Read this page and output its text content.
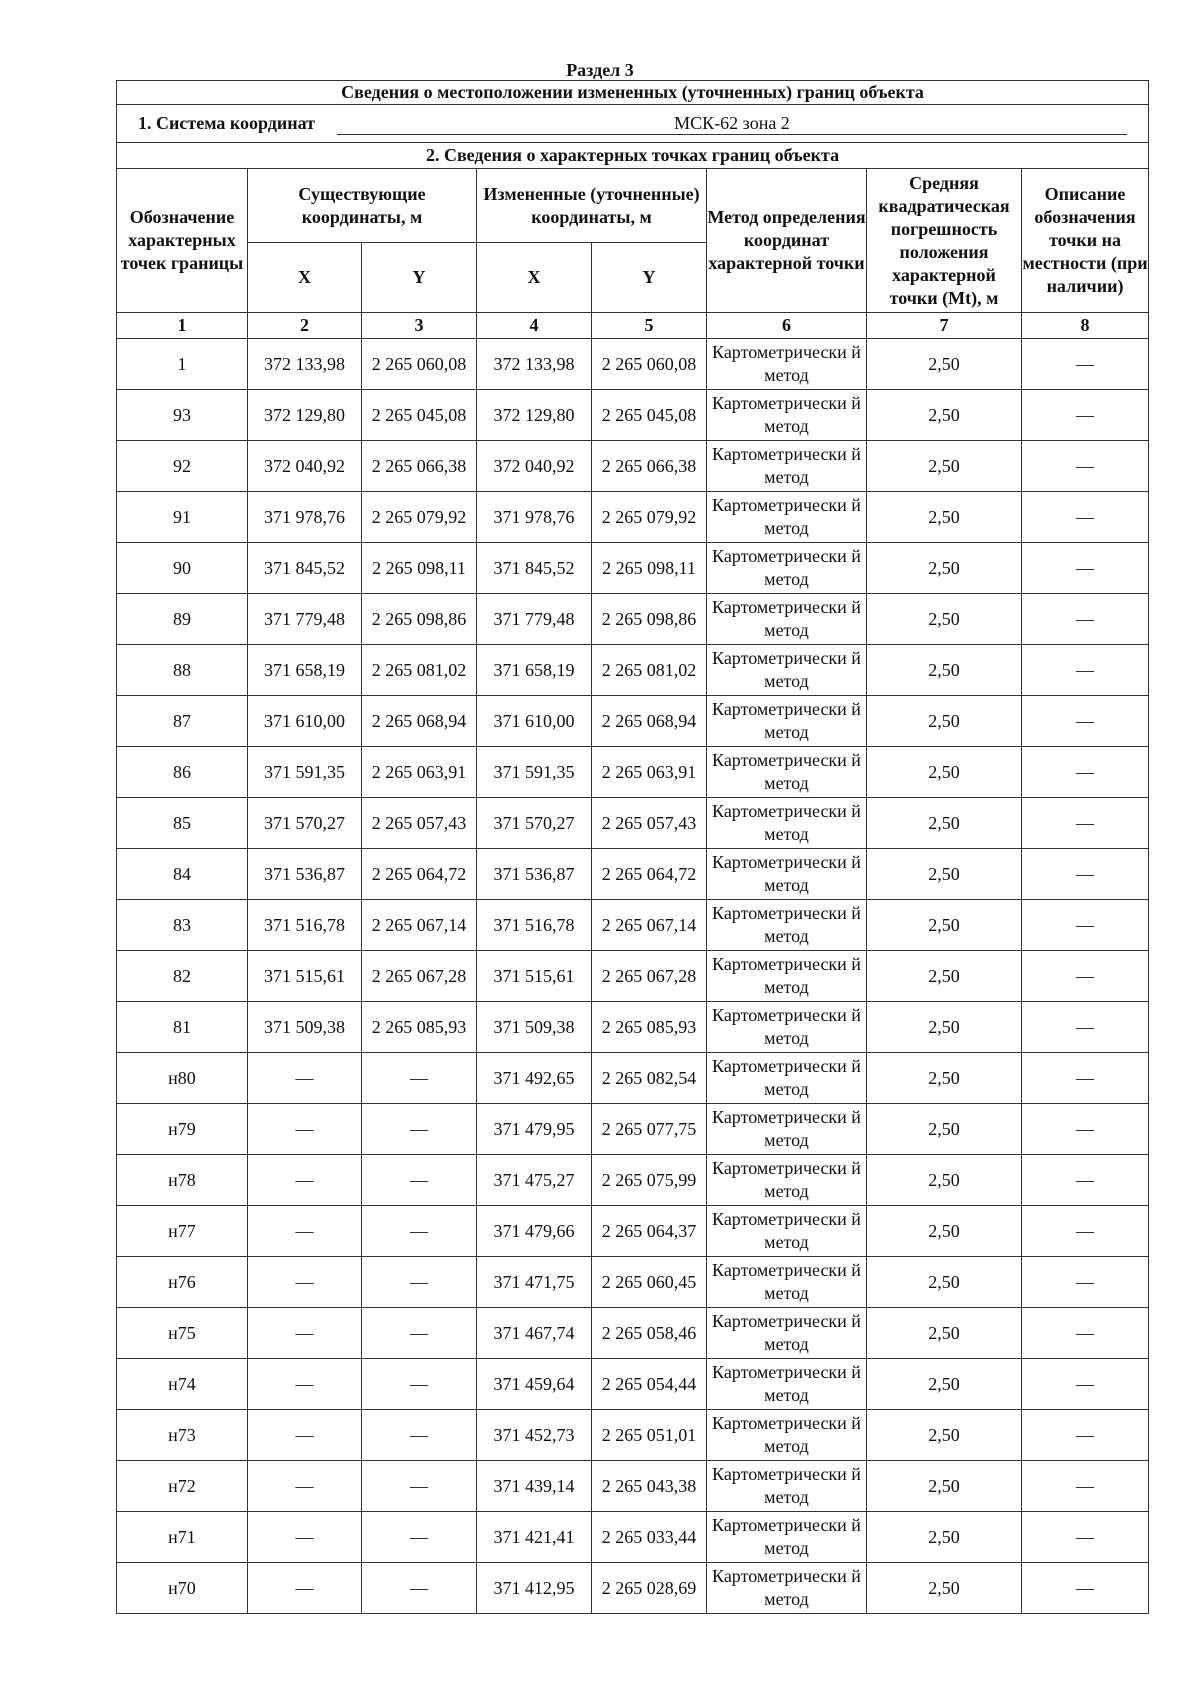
Раздел 3
Сведения о местоположении измененных (уточненных) границ объекта							
1. Система координат МСК-62 зона 2							
2. Сведения о характерных точках границ объекта							
Обозначение характерных точек границы	Существующие координаты, м		Измененные (уточненные) координаты, м		Метод определения координат характерной точки	Средняя квадратическая погрешность положения характерной точки (Mt), м	Описание обозначения точки на местности (при наличии)
	X	Y	X	Y			
1	2	3	4	5	6	7	8
1	372 133,98	2 265 060,08	372 133,98	2 265 060,08	Картометрически й метод	2,50	—
93	372 129,80	2 265 045,08	372 129,80	2 265 045,08	Картометрически й метод	2,50	—
92	372 040,92	2 265 066,38	372 040,92	2 265 066,38	Картометрически й метод	2,50	—
91	371 978,76	2 265 079,92	371 978,76	2 265 079,92	Картометрически й метод	2,50	—
90	371 845,52	2 265 098,11	371 845,52	2 265 098,11	Картометрически й метод	2,50	—
89	371 779,48	2 265 098,86	371 779,48	2 265 098,86	Картометрически й метод	2,50	—
88	371 658,19	2 265 081,02	371 658,19	2 265 081,02	Картометрически й метод	2,50	—
87	371 610,00	2 265 068,94	371 610,00	2 265 068,94	Картометрически й метод	2,50	—
86	371 591,35	2 265 063,91	371 591,35	2 265 063,91	Картометрически й метод	2,50	—
85	371 570,27	2 265 057,43	371 570,27	2 265 057,43	Картометрически й метод	2,50	—
84	371 536,87	2 265 064,72	371 536,87	2 265 064,72	Картометрически й метод	2,50	—
83	371 516,78	2 265 067,14	371 516,78	2 265 067,14	Картометрически й метод	2,50	—
82	371 515,61	2 265 067,28	371 515,61	2 265 067,28	Картометрически й метод	2,50	—
81	371 509,38	2 265 085,93	371 509,38	2 265 085,93	Картометрически й метод	2,50	—
н80	—	—	371 492,65	2 265 082,54	Картометрически й метод	2,50	—
н79	—	—	371 479,95	2 265 077,75	Картометрически й метод	2,50	—
н78	—	—	371 475,27	2 265 075,99	Картометрически й метод	2,50	—
н77	—	—	371 479,66	2 265 064,37	Картометрически й метод	2,50	—
н76	—	—	371 471,75	2 265 060,45	Картометрически й метод	2,50	—
н75	—	—	371 467,74	2 265 058,46	Картометрически й метод	2,50	—
н74	—	—	371 459,64	2 265 054,44	Картометрически й метод	2,50	—
н73	—	—	371 452,73	2 265 051,01	Картометрически й метод	2,50	—
н72	—	—	371 439,14	2 265 043,38	Картометрически й метод	2,50	—
н71	—	—	371 421,41	2 265 033,44	Картометрически й метод	2,50	—
н70	—	—	371 412,95	2 265 028,69	Картометрически й метод	2,50	—
